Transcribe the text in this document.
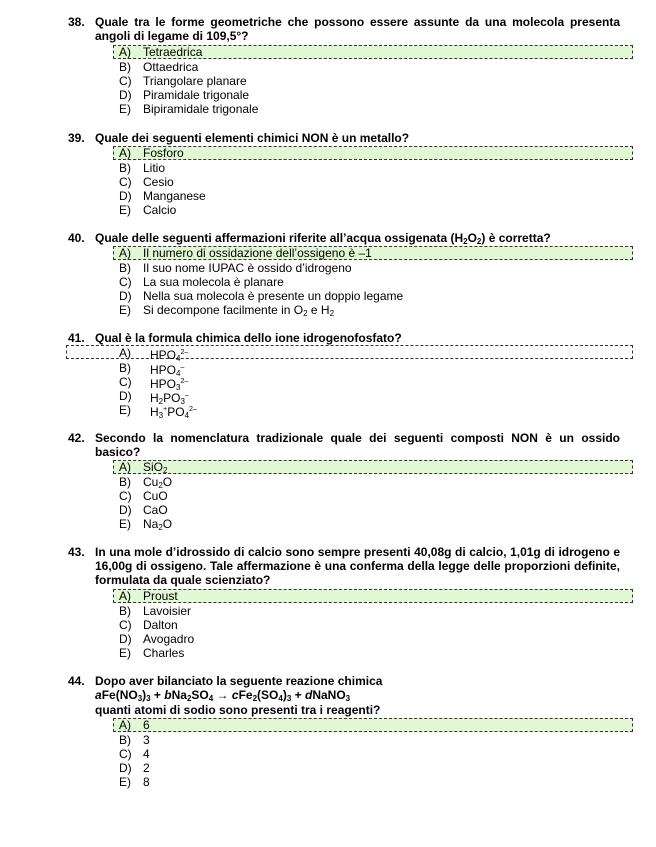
38. Quale tra le forme geometriche che possono essere assunte da una molecola presenta angoli di legame di 109,5°?
A) Tetraedrica
B) Ottaedrica
C) Triangolare planare
D) Piramidale trigonale
E) Bipiramidale trigonale
39. Quale dei seguenti elementi chimici NON è un metallo?
A) Fosforo
B) Litio
C) Cesio
D) Manganese
E) Calcio
40. Quale delle seguenti affermazioni riferite all’acqua ossigenata $(H_2O_2)$ è corretta?
A) Il numero di ossidazione dell’ossigeno è –1
B) Il suo nome IUPAC è ossido d’idrogeno
C) La sua molecola è planare
D) Nella sua molecola è presente un doppio legame
E) Si decompone facilmente in $O_2$ e $H_2$
41. Qual è la formula chimica dello ione idrogenofosfato?
A) $HPO_4^{2-}$
B) $HPO_4^-$
C) $HPO_3^{2-}$
D) $H_2PO_3^-$
E) $H_3^+PO_4^{2-}$
42. Secondo la nomenclatura tradizionale quale dei seguenti composti NON è un ossido basico?
A) SiO$_2$
B) $Cu_2O$
C) CuO
D) CaO
E) $Na_2O$
43. In una mole d’idrossido di calcio sono sempre presenti 40,08g di calcio, 1,01g di idrogeno e 16,00g di ossigeno. Tale affermazione è una conferma della legge delle proporzioni definite, formulata da quale scienziato?
A) Proust
B) Lavoisier
C) Dalton
D) Avogadro
E) Charles
44. Dopo aver bilanciato la seguente reazione chimica
$aFe(NO_3)_3 + bNa_2SO_4 \to cFe_2(SO_4)_3$ + dNaNO$_3$
quanti atomi di sodio sono presenti tra i reagenti?
A) 6
B) 3
C) 4
D) 2
E) 8
